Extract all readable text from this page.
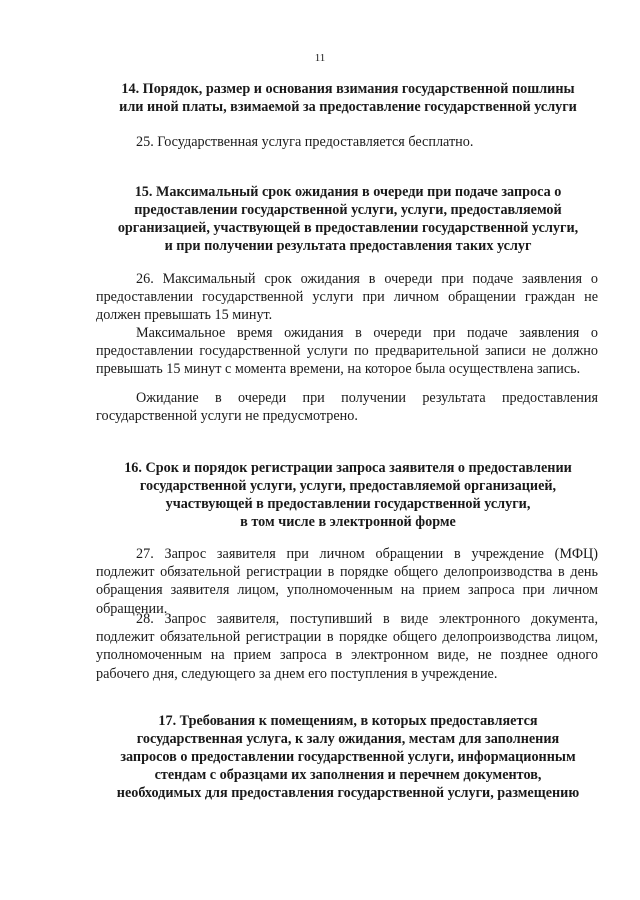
11
14. Порядок, размер и основания взимания государственной пошлины
или иной платы, взимаемой за предоставление государственной услуги
25. Государственная услуга предоставляется бесплатно.
15. Максимальный срок ожидания в очереди при подаче запроса о
предоставлении государственной услуги, услуги, предоставляемой
организацией, участвующей в предоставлении государственной услуги,
и при получении результата предоставления таких услуг
26. Максимальный срок ожидания в очереди при подаче заявления о предоставлении государственной услуги при личном обращении граждан не должен превышать 15 минут.
Максимальное время ожидания в очереди при подаче заявления о предоставлении государственной услуги по предварительной записи не должно превышать 15 минут с момента времени, на которое была осуществлена запись.
Ожидание в очереди при получении результата предоставления государственной услуги не предусмотрено.
16. Срок и порядок регистрации запроса заявителя о предоставлении
государственной услуги, услуги, предоставляемой организацией,
участвующей в предоставлении государственной услуги,
в том числе в электронной форме
27. Запрос заявителя при личном обращении в учреждение (МФЦ) подлежит обязательной регистрации в порядке общего делопроизводства в день обращения заявителя лицом, уполномоченным на прием запроса при личном обращении.
28. Запрос заявителя, поступивший в виде электронного документа, подлежит обязательной регистрации в порядке общего делопроизводства лицом, уполномоченным на прием запроса в электронном виде, не позднее одного рабочего дня, следующего за днем его поступления в учреждение.
17. Требования к помещениям, в которых предоставляется
государственная услуга, к залу ожидания, местам для заполнения
запросов о предоставлении государственной услуги, информационным
стендам с образцами их заполнения и перечнем документов,
необходимых для предоставления государственной услуги, размещению
